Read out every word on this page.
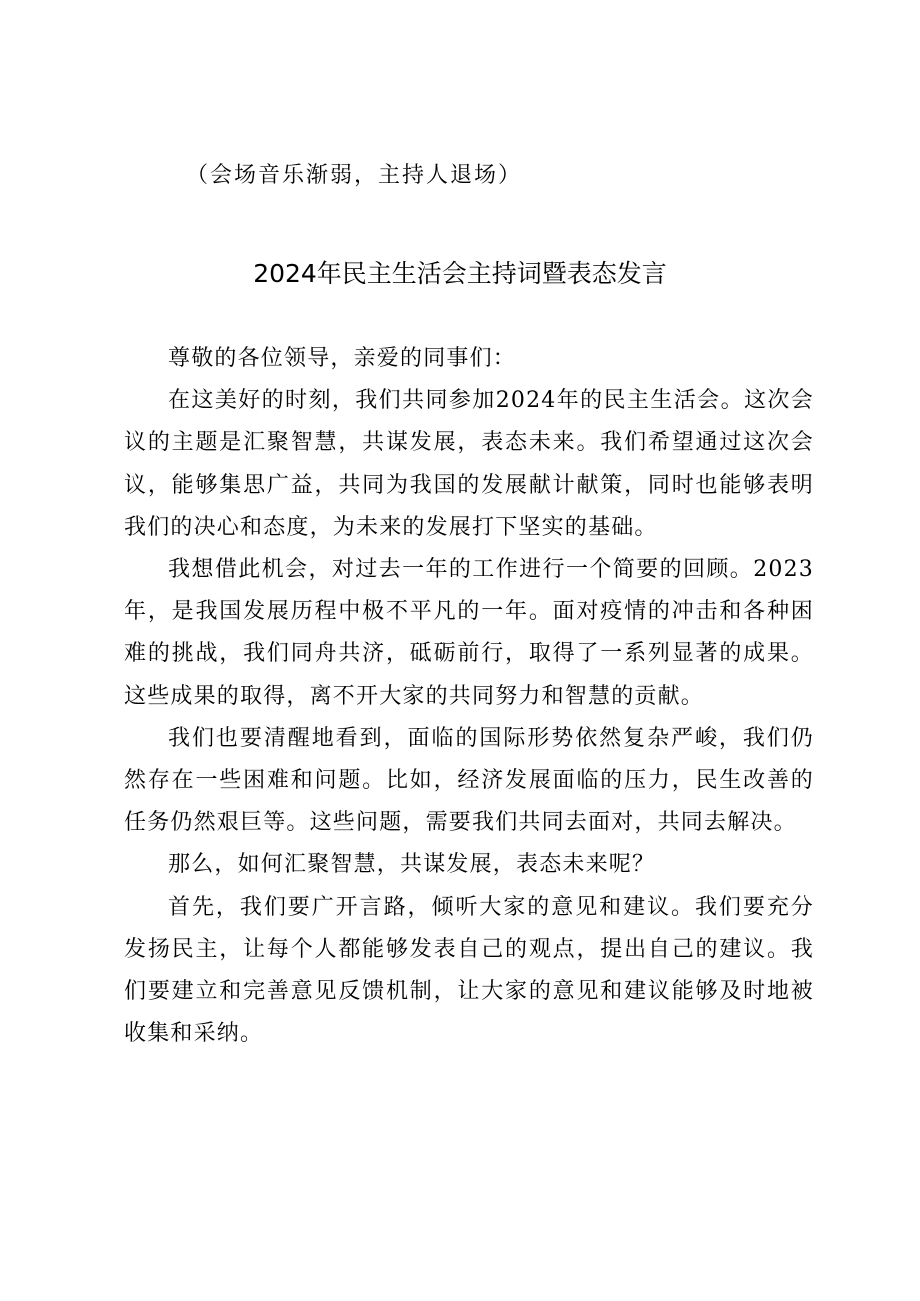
（会场音乐渐弱，主持人退场）
2024年民主生活会主持词暨表态发言

尊敬的各位领导，亲爱的同事们：

在这美好的时刻，我们共同参加2024年的民主生活会。这次会议的主题是汇聚智慧，共谋发展，表态未来。我们希望通过这次会议，能够集思广益，共同为我国的发展献计献策，同时也能够表明我们的决心和态度，为未来的发展打下坚实的基础。

我想借此机会，对过去一年的工作进行一个简要的回顾。2023年，是我国发展历程中极不平凡的一年。面对疫情的冲击和各种困难的挑战，我们同舟共济，砥砺前行，取得了一系列显著的成果。这些成果的取得，离不开大家的共同努力和智慧的贡献。

我们也要清醒地看到，面临的国际形势依然复杂严峻，我们仍然存在一些困难和问题。比如，经济发展面临的压力，民生改善的任务仍然艰巨等。这些问题，需要我们共同去面对，共同去解决。

那么，如何汇聚智慧，共谋发展，表态未来呢？

首先，我们要广开言路，倾听大家的意见和建议。我们要充分发扬民主，让每个人都能够发表自己的观点，提出自己的建议。我们要建立和完善意见反馈机制，让大家的意见和建议能够及时地被收集和采纳。
